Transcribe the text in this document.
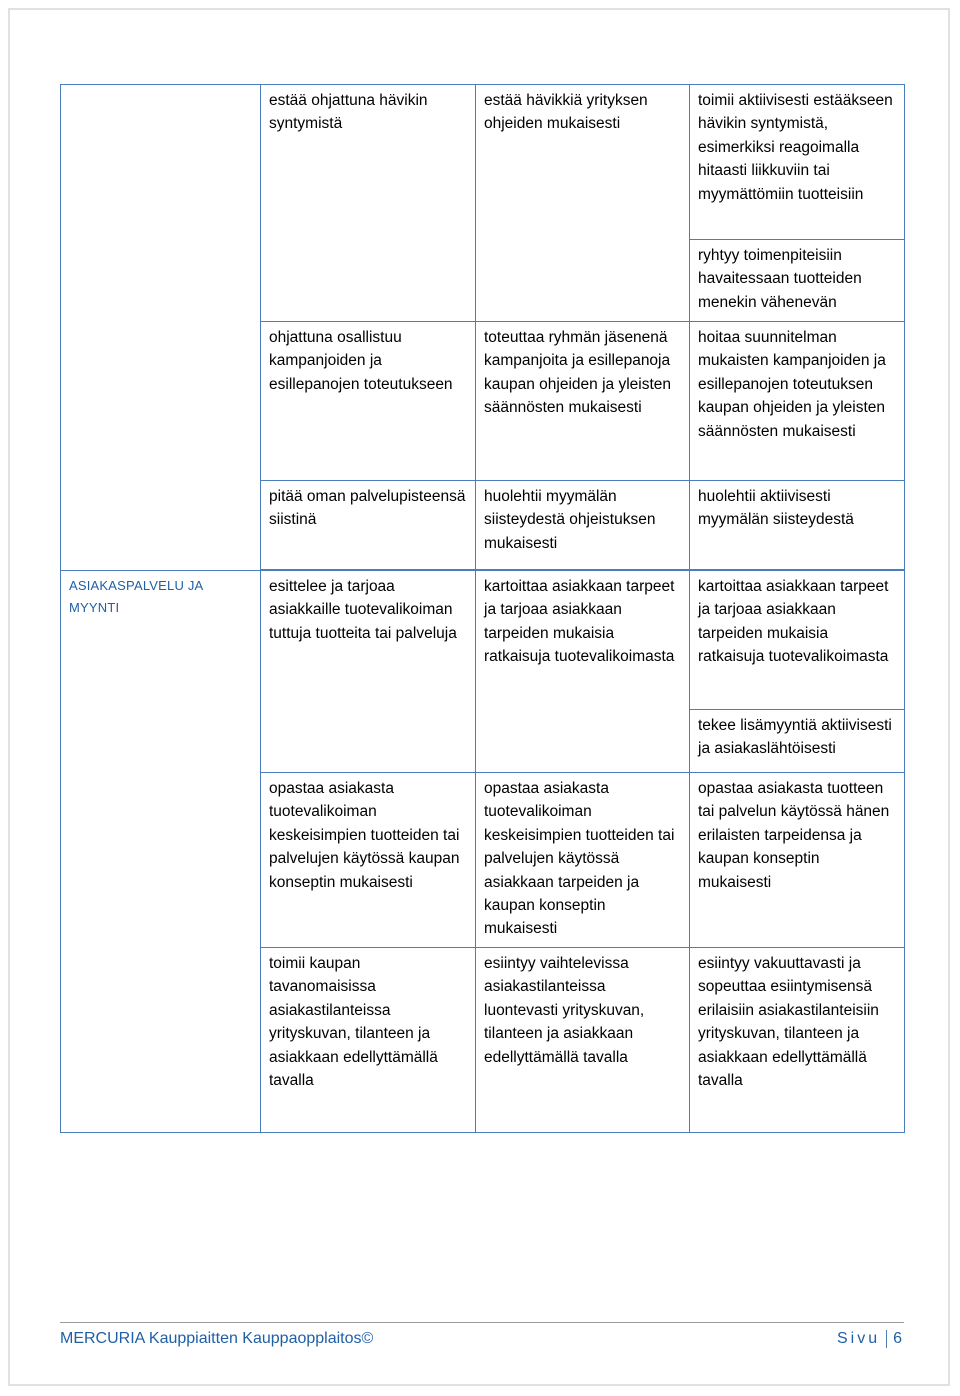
	estää ohjattuna hävikin syntymistä	estää hävikkiä yrityksen ohjeiden mukaisesti	toimii aktiivisesti estääkseen hävikin syntymistä, esimerkiksi reagoimalla hitaasti liikkuviin tai myymättömiin tuotteisiin
			ryhtyy toimenpiteisiin havaitessaan tuotteiden menekin vähenevän
	ohjattuna osallistuu kampanjoiden ja esillepanojen toteutukseen	toteuttaa ryhmän jäsenenä kampanjoita ja esillepanoja kaupan ohjeiden ja yleisten säännösten mukaisesti	hoitaa suunnitelman mukaisten kampanjoiden ja esillepanojen toteutuksen kaupan ohjeiden ja yleisten säännösten mukaisesti
	pitää oman palvelupisteensä siistinä	huolehtii myymälän siisteydestä ohjeistuksen mukaisesti	huolehtii aktiivisesti myymälän siisteydestä

ASIAKASPALVELU JA MYYNTI	esittelee ja tarjoaa asiakkaille tuotevalikoiman tuttuja tuotteita tai palveluja	kartoittaa asiakkaan tarpeet ja tarjoaa asiakkaan tarpeiden mukaisia ratkaisuja tuotevalikoimasta	kartoittaa asiakkaan tarpeet ja tarjoaa asiakkaan tarpeiden mukaisia ratkaisuja tuotevalikoimasta
			tekee lisämyyntiä aktiivisesti ja asiakaslähtöisesti
	opastaa asiakasta tuotevalikoiman keskeisimpien tuotteiden tai palvelujen käytössä kaupan konseptin mukaisesti	opastaa asiakasta tuotevalikoiman keskeisimpien tuotteiden tai palvelujen käytössä asiakkaan tarpeiden ja kaupan konseptin mukaisesti	opastaa asiakasta tuotteen tai palvelun käytössä hänen erilaisten tarpeidensa ja kaupan konseptin mukaisesti
	toimii kaupan tavanomaisissa asiakastilanteissa yrityskuvan, tilanteen ja asiakkaan edellyttämällä tavalla	esiintyy vaihtelevissa asiakastilanteissa luontevasti yrityskuvan, tilanteen ja asiakkaan edellyttämällä tavalla	esiintyy vakuuttavasti ja sopeuttaa esiintymisensä erilaisiin asiakastilanteisiin yrityskuvan, tilanteen ja asiakkaan edellyttämällä tavalla
MERCURIA Kauppiaitten Kauppaopplaitos©	Sivu 6
